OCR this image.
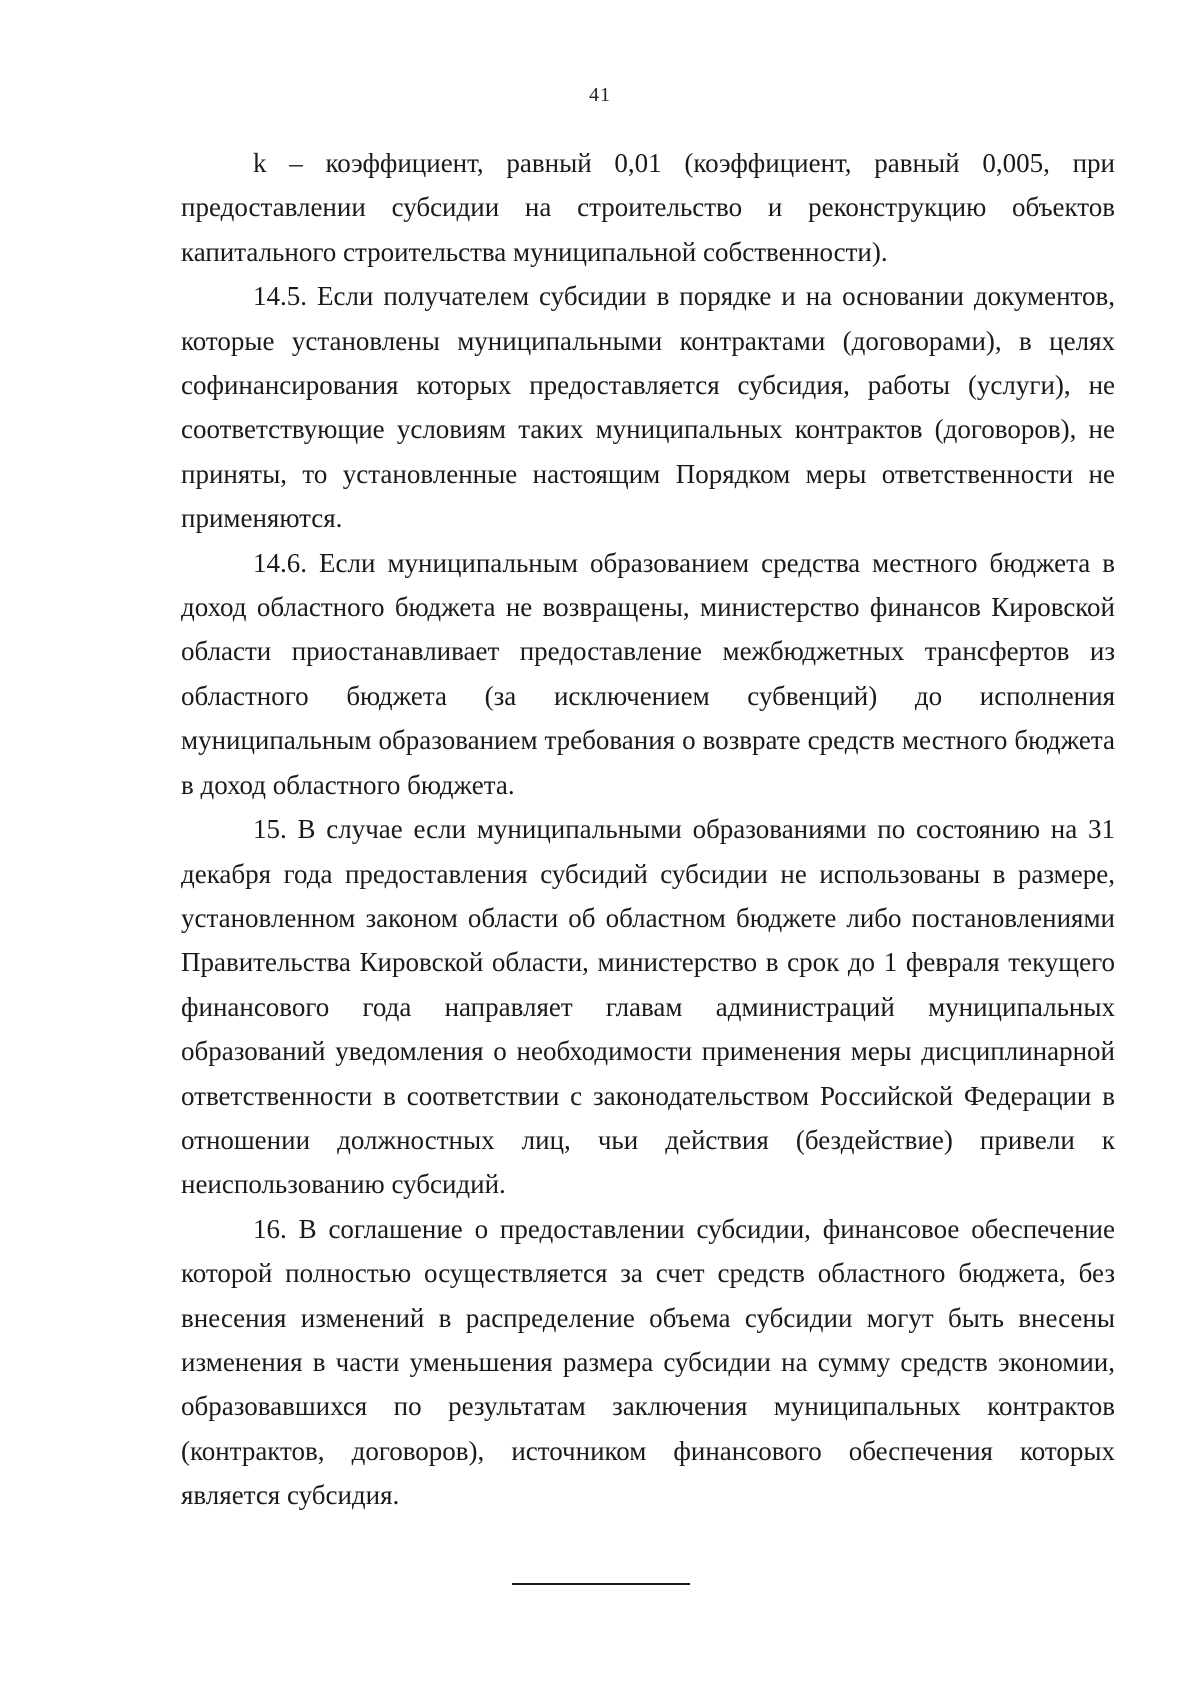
41

k – коэффициент, равный 0,01 (коэффициент, равный 0,005, при предоставлении субсидии на строительство и реконструкцию объектов капитального строительства муниципальной собственности).

14.5. Если получателем субсидии в порядке и на основании документов, которые установлены муниципальными контрактами (договорами), в целях софинансирования которых предоставляется субсидия, работы (услуги), не соответствующие условиям таких муниципальных контрактов (договоров), не приняты, то установленные настоящим Порядком меры ответственности не применяются.

14.6. Если муниципальным образованием средства местного бюджета в доход областного бюджета не возвращены, министерство финансов Кировской области приостанавливает предоставление межбюджетных трансфертов из областного бюджета (за исключением субвенций) до исполнения муниципальным образованием требования о возврате средств местного бюджета в доход областного бюджета.

15. В случае если муниципальными образованиями по состоянию на 31 декабря года предоставления субсидий субсидии не использованы в размере, установленном законом области об областном бюджете либо постановлениями Правительства Кировской области, министерство в срок до 1 февраля текущего финансового года направляет главам администраций муниципальных образований уведомления о необходимости применения меры дисциплинарной ответственности в соответствии с законодательством Российской Федерации в отношении должностных лиц, чьи действия (бездействие) привели к неиспользованию субсидий.

16. В соглашение о предоставлении субсидии, финансовое обеспечение которой полностью осуществляется за счет средств областного бюджета, без внесения изменений в распределение объема субсидии могут быть внесены изменения в части уменьшения размера субсидии на сумму средств экономии, образовавшихся по результатам заключения муниципальных контрактов (контрактов, договоров), источником финансового обеспечения которых является субсидия.
